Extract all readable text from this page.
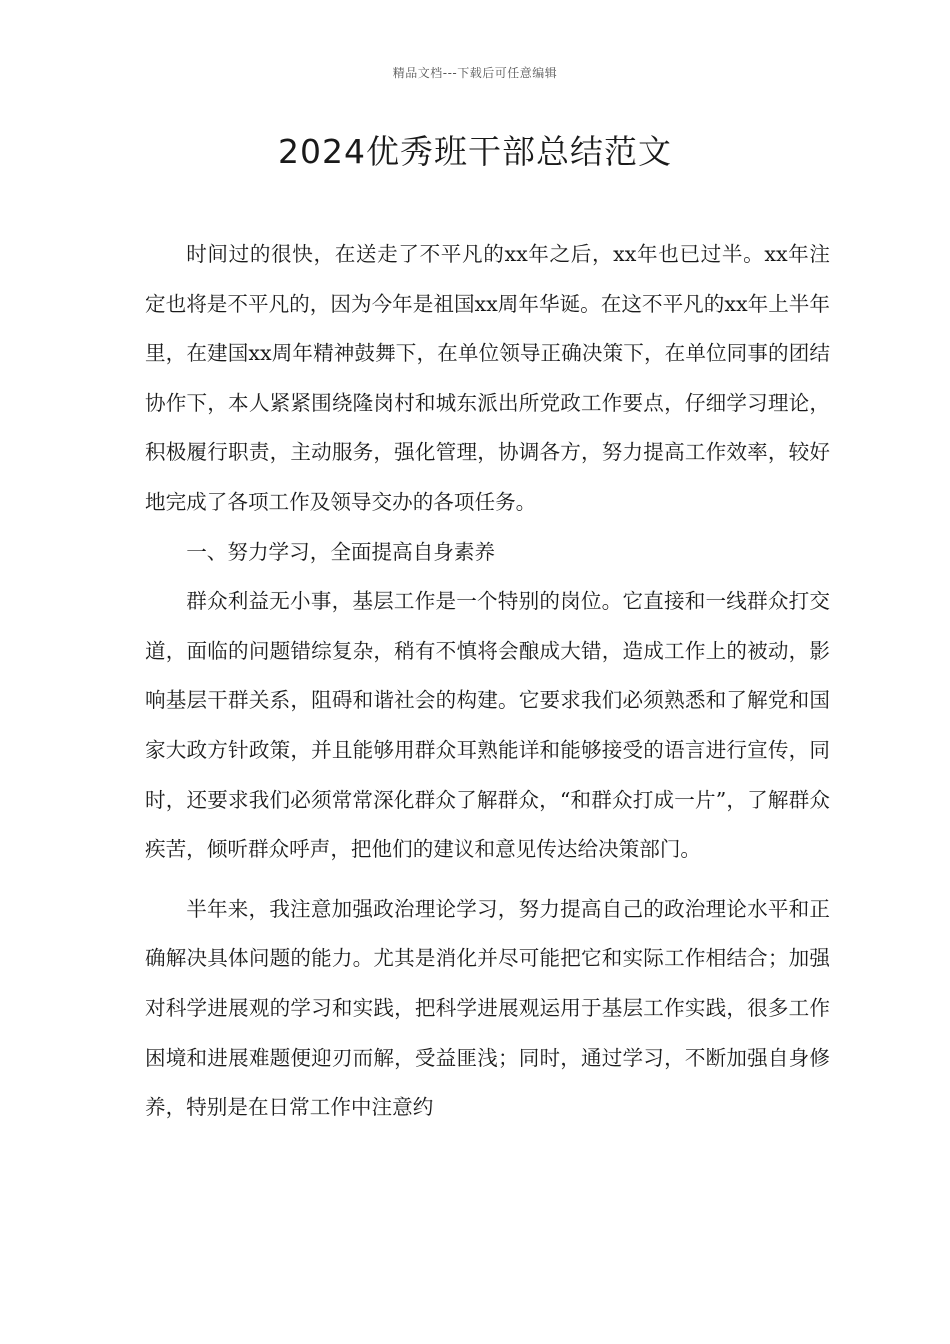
精品文档---下载后可任意编辑
2024优秀班干部总结范文

时间过的很快，在送走了不平凡的xx年之后，xx年也已过半。xx年注定也将是不平凡的，因为今年是祖国xx周年华诞。在这不平凡的xx年上半年里，在建国xx周年精神鼓舞下，在单位领导正确决策下，在单位同事的团结协作下，本人紧紧围绕隆岗村和城东派出所党政工作要点，仔细学习理论，积极履行职责，主动服务，强化管理，协调各方，努力提高工作效率，较好地完成了各项工作及领导交办的各项任务。

一、努力学习，全面提高自身素养

群众利益无小事，基层工作是一个特别的岗位。它直接和一线群众打交道，面临的问题错综复杂，稍有不慎将会酿成大错，造成工作上的被动，影响基层干群关系，阻碍和谐社会的构建。它要求我们必须熟悉和了解党和国家大政方针政策，并且能够用群众耳熟能详和能够接受的语言进行宣传，同时，还要求我们必须常常深化群众了解群众，“和群众打成一片”，了解群众疾苦，倾听群众呼声，把他们的建议和意见传达给决策部门。

半年来，我注意加强政治理论学习，努力提高自己的政治理论水平和正确解决具体问题的能力。尤其是消化并尽可能把它和实际工作相结合；加强对科学进展观的学习和实践，把科学进展观运用于基层工作实践，很多工作困境和进展难题便迎刃而解，受益匪浅；同时，通过学习，不断加强自身修养，特别是在日常工作中注意约
